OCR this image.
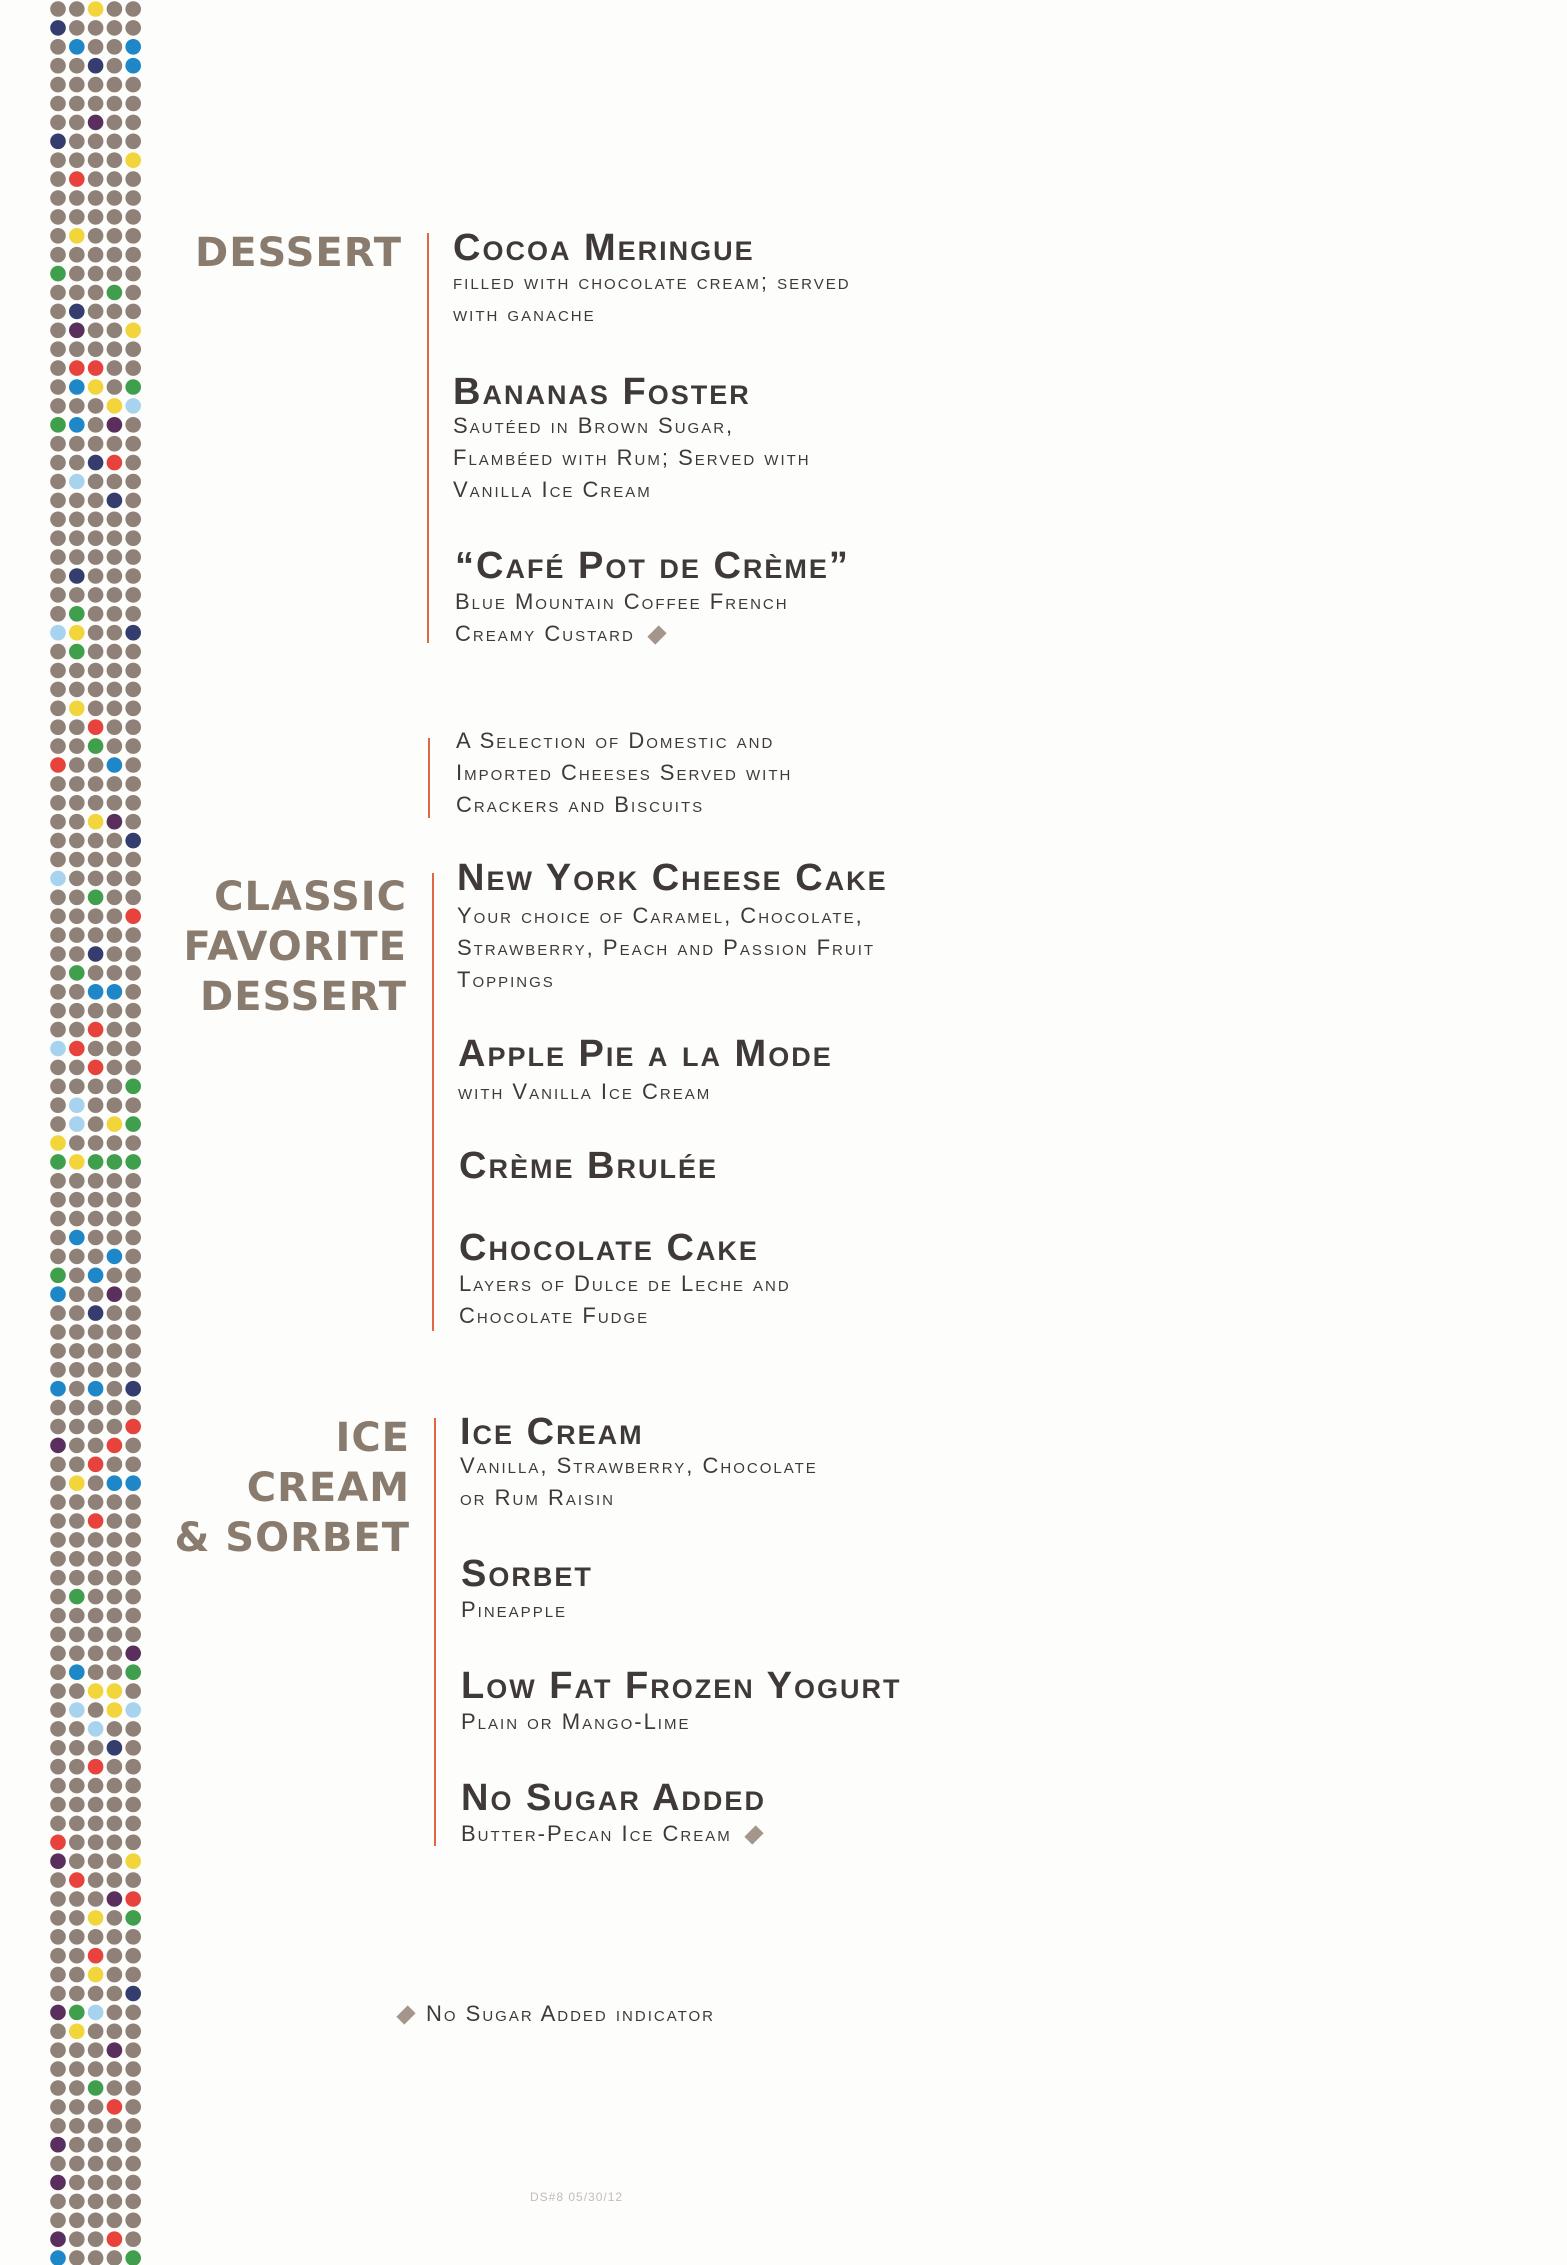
DESSERT Cocoa Meringue

filled with chocolate cream; served

with ganache

Bananas Foster

Sautéed in Brown Sugar,

Flambéed with Rum; Served with

Vanilla Ice Cream

“Café Pot de Crème”

Blue Mountain Coffee French

Creamy Custard

A Selection of Domestic and

Imported Cheeses Served with

Crackers and Biscuits

CLASSIC
FAVORITE
DESSERT
New York Cheese Cake

Your choice of Caramel, Chocolate,

Strawberry, Peach and Passion Fruit

Toppings

Apple Pie a la Mode

with Vanilla Ice Cream

Crème Brulée
Chocolate Cake

Layers of Dulce de Leche and

Chocolate Fudge

ICE
CREAM
& SORBET
Ice Cream

Vanilla, Strawberry, Chocolate

or Rum Raisin

Sorbet

Pineapple

Low Fat Frozen Yogurt

Plain or Mango-Lime

No Sugar Added

Butter-Pecan Ice Cream

No Sugar Added indicator

DS#8 05/30/12
